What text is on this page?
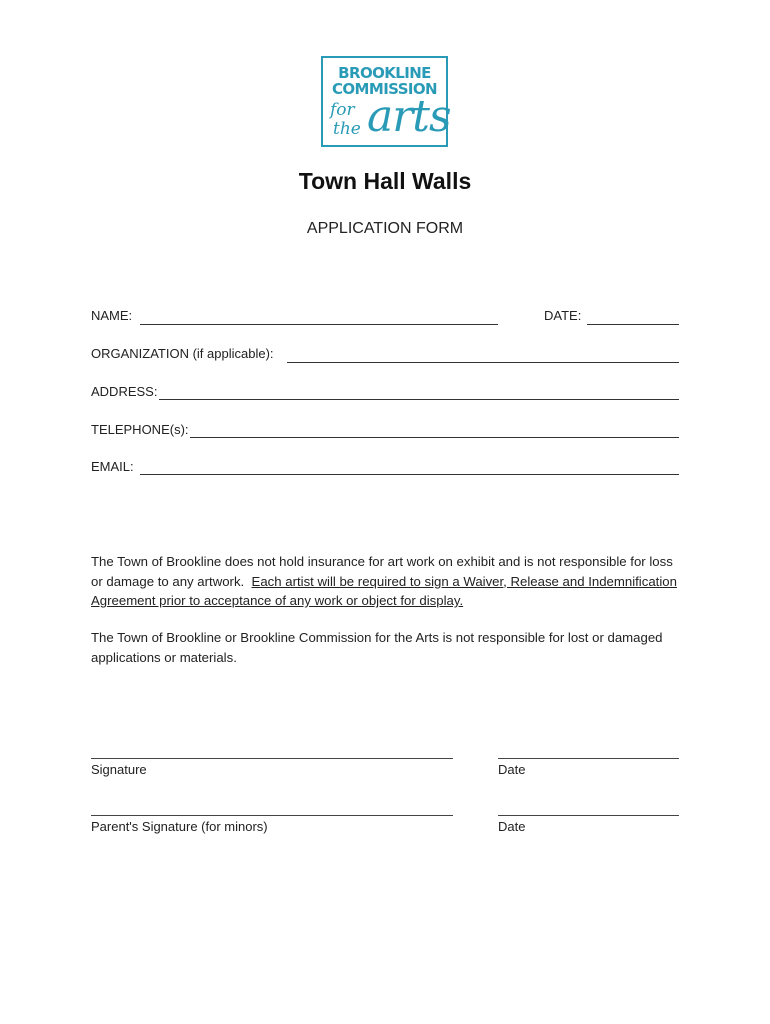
BROOKLINE
COMMISSION
for
the arts
Town Hall Walls
APPLICATION FORM
NAME:	DATE:
ORGANIZATION (if applicable):
ADDRESS:
TELEPHONE(s):
EMAIL:

The Town of Brookline does not hold insurance for art work on exhibit and is not responsible for loss or damage to any artwork. Each artist will be required to sign a Waiver, Release and Indemnification Agreement prior to acceptance of any work or object for display.

The Town of Brookline or Brookline Commission for the Arts is not responsible for lost or damaged applications or materials.

Signature	Date
Parent's Signature (for minors)	Date
